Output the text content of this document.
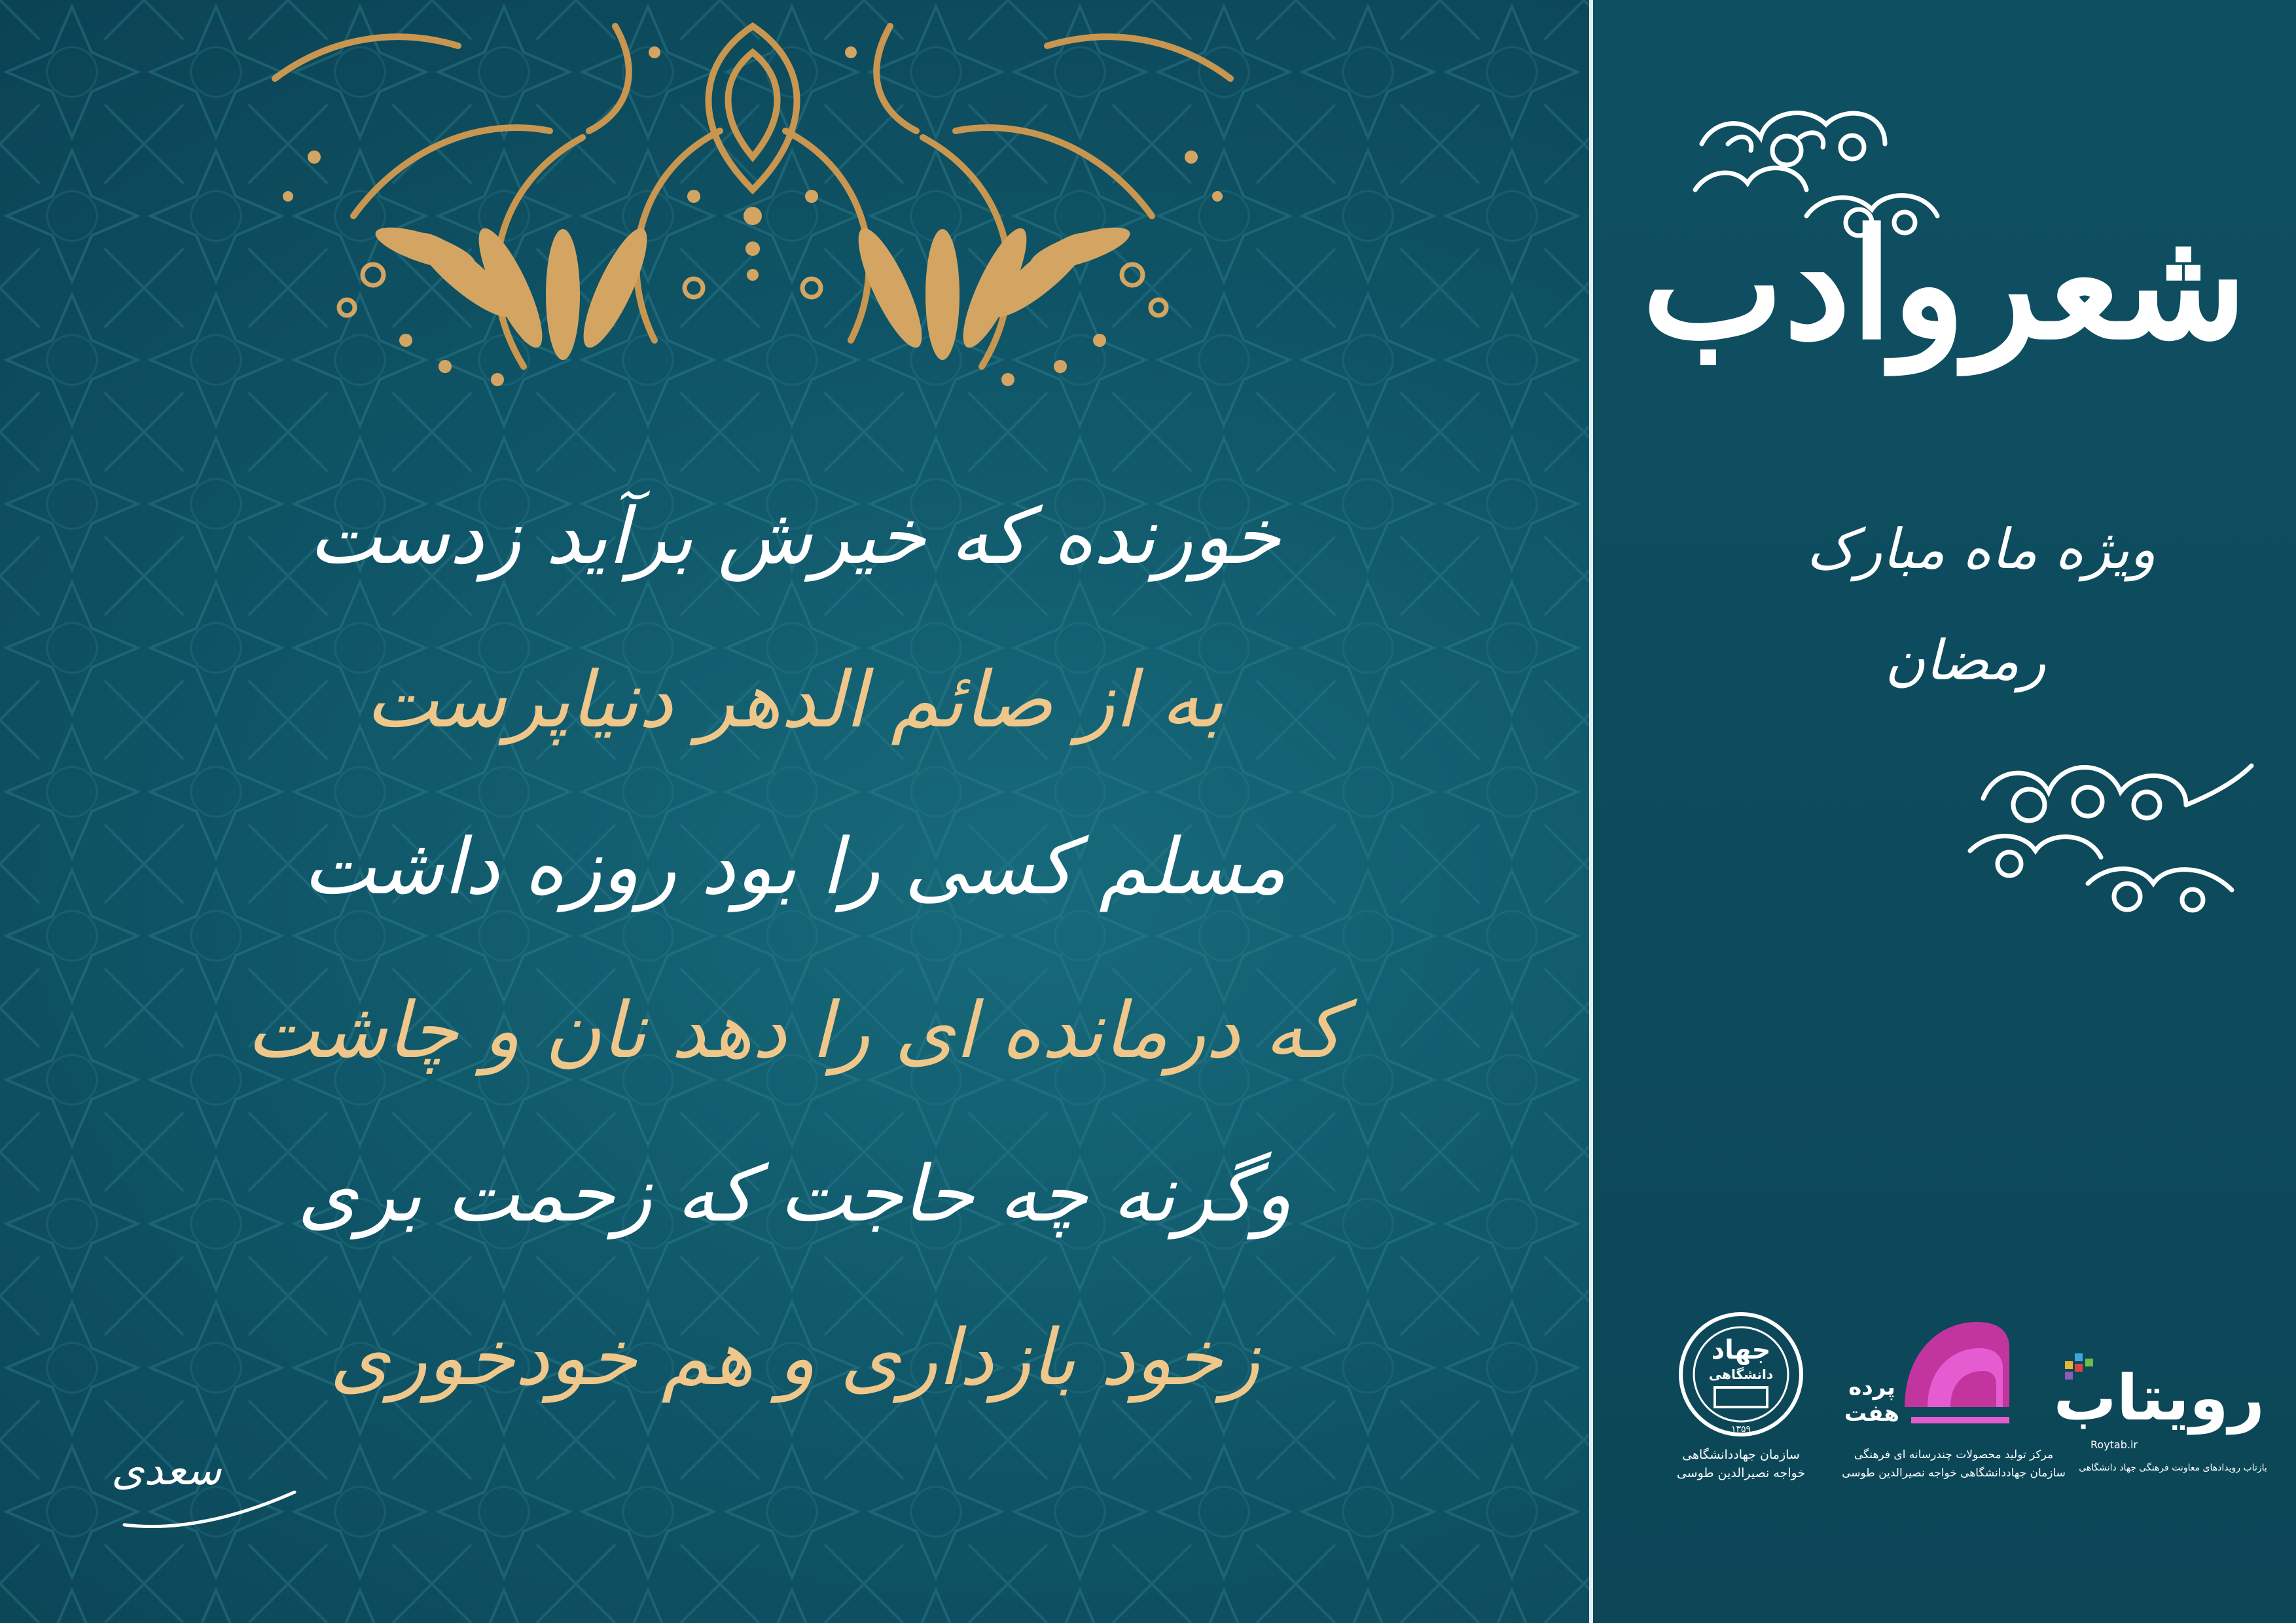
خورنده که خیرش برآید زدست
به از صائم الدهر دنیاپرست
مسلم کسی را بود روزه داشت
که درمانده ای را دهد نان و چاشت
وگرنه چه حاجت که زحمت بری
زخود بازداری و هم خودخوری
سعدی
شعروادب
ویژه ماه مبارک
رمضان
جهاد
دانشگاهی
۱۳۵۹
سازمان جهاددانشگاهی
خواجه نصیرالدین طوسی
پرده هفت
مرکز تولید محصولات چندرسانه ای فرهنگی
سازمان جهاددانشگاهی خواجه نصیرالدین طوسی
رویتاب
Roytab.ir
بازتاب رویدادهای معاونت فرهنگی جهاد دانشگاهی
